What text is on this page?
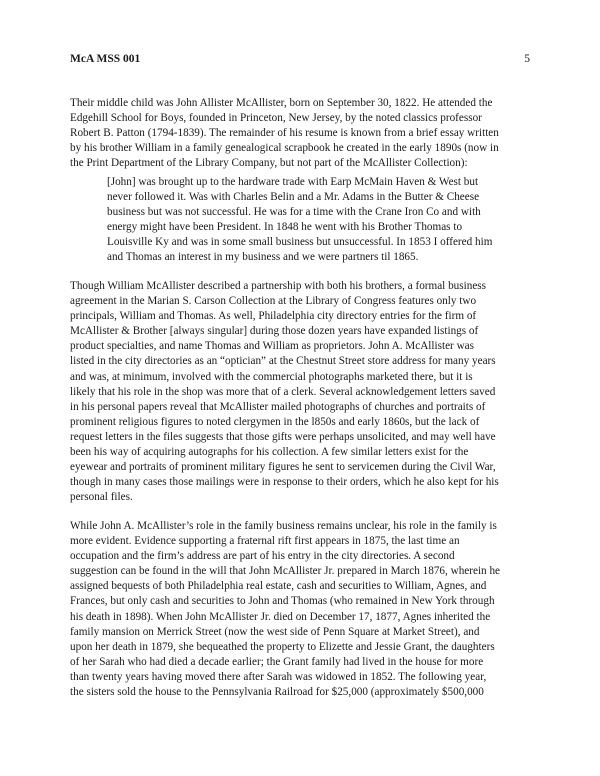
McA MSS 001	5
Their middle child was John Allister McAllister, born on September 30, 1822. He attended the
Edgehill School for Boys, founded in Princeton, New Jersey, by the noted classics professor
Robert B. Patton (1794-1839). The remainder of his resume is known from a brief essay written
by his brother William in a family genealogical scrapbook he created in the early 1890s (now in
the Print Department of the Library Company, but not part of the McAllister Collection):
[John] was brought up to the hardware trade with Earp McMain Haven & West but
never followed it. Was with Charles Belin and a Mr. Adams in the Butter & Cheese
business but was not successful. He was for a time with the Crane Iron Co and with
energy might have been President. In 1848 he went with his Brother Thomas to
Louisville Ky and was in some small business but unsuccessful. In 1853 I offered him
and Thomas an interest in my business and we were partners til 1865.
Though William McAllister described a partnership with both his brothers, a formal business
agreement in the Marian S. Carson Collection at the Library of Congress features only two
principals, William and Thomas. As well, Philadelphia city directory entries for the firm of
McAllister & Brother [always singular] during those dozen years have expanded listings of
product specialties, and name Thomas and William as proprietors. John A. McAllister was
listed in the city directories as an “optician” at the Chestnut Street store address for many years
and was, at minimum, involved with the commercial photographs marketed there, but it is
likely that his role in the shop was more that of a clerk. Several acknowledgement letters saved
in his personal papers reveal that McAllister mailed photographs of churches and portraits of
prominent religious figures to noted clergymen in the l850s and early 1860s, but the lack of
request letters in the files suggests that those gifts were perhaps unsolicited, and may well have
been his way of acquiring autographs for his collection. A few similar letters exist for the
eyewear and portraits of prominent military figures he sent to servicemen during the Civil War,
though in many cases those mailings were in response to their orders, which he also kept for his
personal files.
While John A. McAllister’s role in the family business remains unclear, his role in the family is
more evident. Evidence supporting a fraternal rift first appears in 1875, the last time an
occupation and the firm’s address are part of his entry in the city directories. A second
suggestion can be found in the will that John McAllister Jr. prepared in March 1876, wherein he
assigned bequests of both Philadelphia real estate, cash and securities to William, Agnes, and
Frances, but only cash and securities to John and Thomas (who remained in New York through
his death in 1898). When John McAllister Jr. died on December 17, 1877, Agnes inherited the
family mansion on Merrick Street (now the west side of Penn Square at Market Street), and
upon her death in 1879, she bequeathed the property to Elizette and Jessie Grant, the daughters
of her Sarah who had died a decade earlier; the Grant family had lived in the house for more
than twenty years having moved there after Sarah was widowed in 1852. The following year,
the sisters sold the house to the Pennsylvania Railroad for $25,000 (approximately $500,000
